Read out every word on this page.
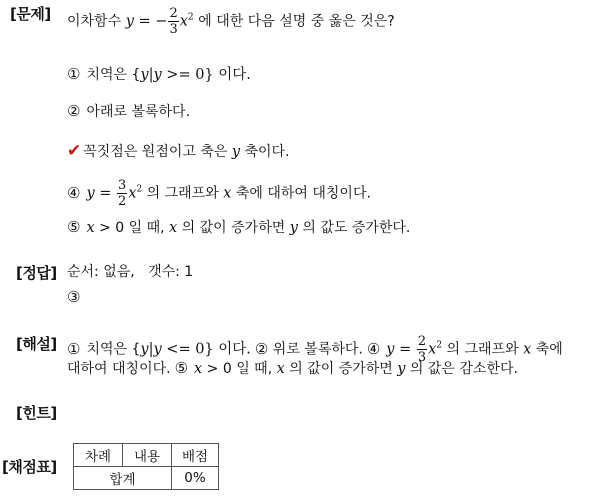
[문제]
[정답]
[해설]
[힌트]
[채점표]
이차함수 y = − $\frac{2}{3} x^2$ 에 대한 다음 설명 중 옳은 것은?
① 치역은 {y|y >= 0} 이다.
② 아래로 볼록하다.
✔ 꼭짓점은 원점이고 축은 y 축이다.
④ $y = \frac{3}{2} x^2$ 의 그래프와 x 축에 대하여 대칭이다.
⑤ x > 0 일 때, x 의 값이 증가하면 y 의 값도 증가한다.
순서: 없음, 갯수: 1
③
① 치역은 {y|y <= 0} 이다. ② 위로 볼록하다. ④ $y = \frac{2}{3} x^2$ 의 그래프와 x 축에
대하여 대칭이다. ⑤ x > 0 일 때, x 의 값이 증가하면 y 의 값은 감소한다.
차례	내용	배점
합계		0%
